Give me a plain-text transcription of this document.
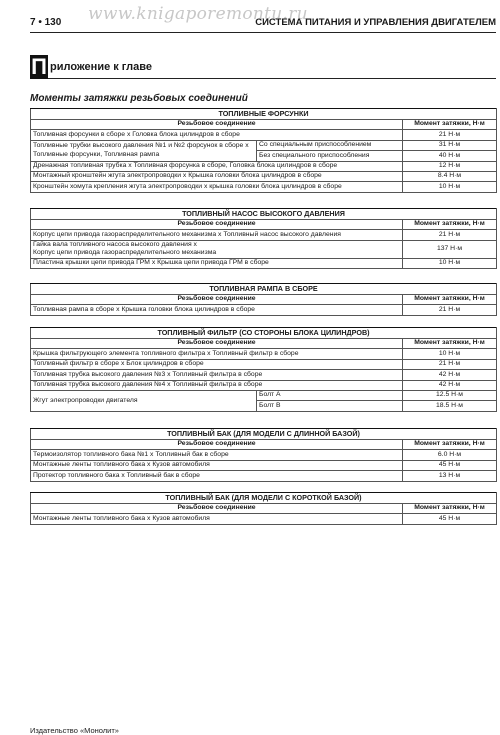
www.knigaporemontu.ru
7 • 130	СИСТЕМА ПИТАНИЯ И УПРАВЛЕНИЯ ДВИГАТЕЛЕМ
П риложение к главе
Моменты затяжки резьбовых соединений
ТОПЛИВНЫЕ ФОРСУНКИ		
Резьбовое соединение		Момент затяжки, Н·м
Топливная форсунки в сборе х Головка блока цилиндров в сборе		21 Н·м
Топливные трубки высокого давления №1 и №2 форсунок в сборе х Топливные форсунки, Топливная рампа	Со специальным приспособлением	31 Н·м
	Без специального приспособления	40 Н·м
Дренажная топливная трубка х Топливная форсунка в сборе, Головка блока цилиндров в сборе		12 Н·м
Монтажный кронштейн жгута электропроводки х Крышка головки блока цилиндров в сборе		8.4 Н·м
Кронштейн хомута крепления жгута электропроводки х крышка головки блока цилиндров в сборе		10 Н·м
ТОПЛИВНЫЙ НАСОС ВЫСОКОГО ДАВЛЕНИЯ	
Резьбовое соединение	Момент затяжки, Н·м
Корпус цепи привода газораспределительного механизма х Топливный насос высокого давления	21 Н·м
Гайка вала топливного насоса высокого давления х
Корпус цепи привода газораспределительного механизма	137 Н·м
Пластина крышки цепи привода ГРМ х Крышка цепи привода ГРМ в сборе	10 Н·м
ТОПЛИВНАЯ РАМПА В СБОРЕ	
Резьбовое соединение	Момент затяжки, Н·м
Топливная рампа в сборе х Крышка головки блока цилиндров в сборе	21 Н·м
ТОПЛИВНЫЙ ФИЛЬТР (СО СТОРОНЫ БЛОКА ЦИЛИНДРОВ)		
Резьбовое соединение		Момент затяжки, Н·м
Крышка фильтрующего элемента топливного фильтра х Топливный фильтр в сборе		10 Н·м
Топливный фильтр в сборе х Блок цилиндров в сборе		21 Н·м
Топливная трубка высокого давления №3 х Топливный фильтра в сборе		42 Н·м
Топливная трубка высокого давления №4 х Топливный фильтра в сборе		42 Н·м
Жгут электропроводки двигателя	Болт A	12.5 Н·м
	Болт B	18.5 Н·м
ТОПЛИВНЫЙ БАК (ДЛЯ МОДЕЛИ С ДЛИННОЙ БАЗОЙ)	
Резьбовое соединение	Момент затяжки, Н·м
Термоизолятор топливного бака №1 х Топливный бак в сборе	6.0 Н·м
Монтажные ленты топливного бака х Кузов автомобиля	45 Н·м
Протектор топливного бака х Топливный бак в сборе	13 Н·м
ТОПЛИВНЫЙ БАК (ДЛЯ МОДЕЛИ С КОРОТКОЙ БАЗОЙ)	
Резьбовое соединение	Момент затяжки, Н·м
Монтажные ленты топливного бака х Кузов автомобиля	45 Н·м
Издательство «Монолит»
